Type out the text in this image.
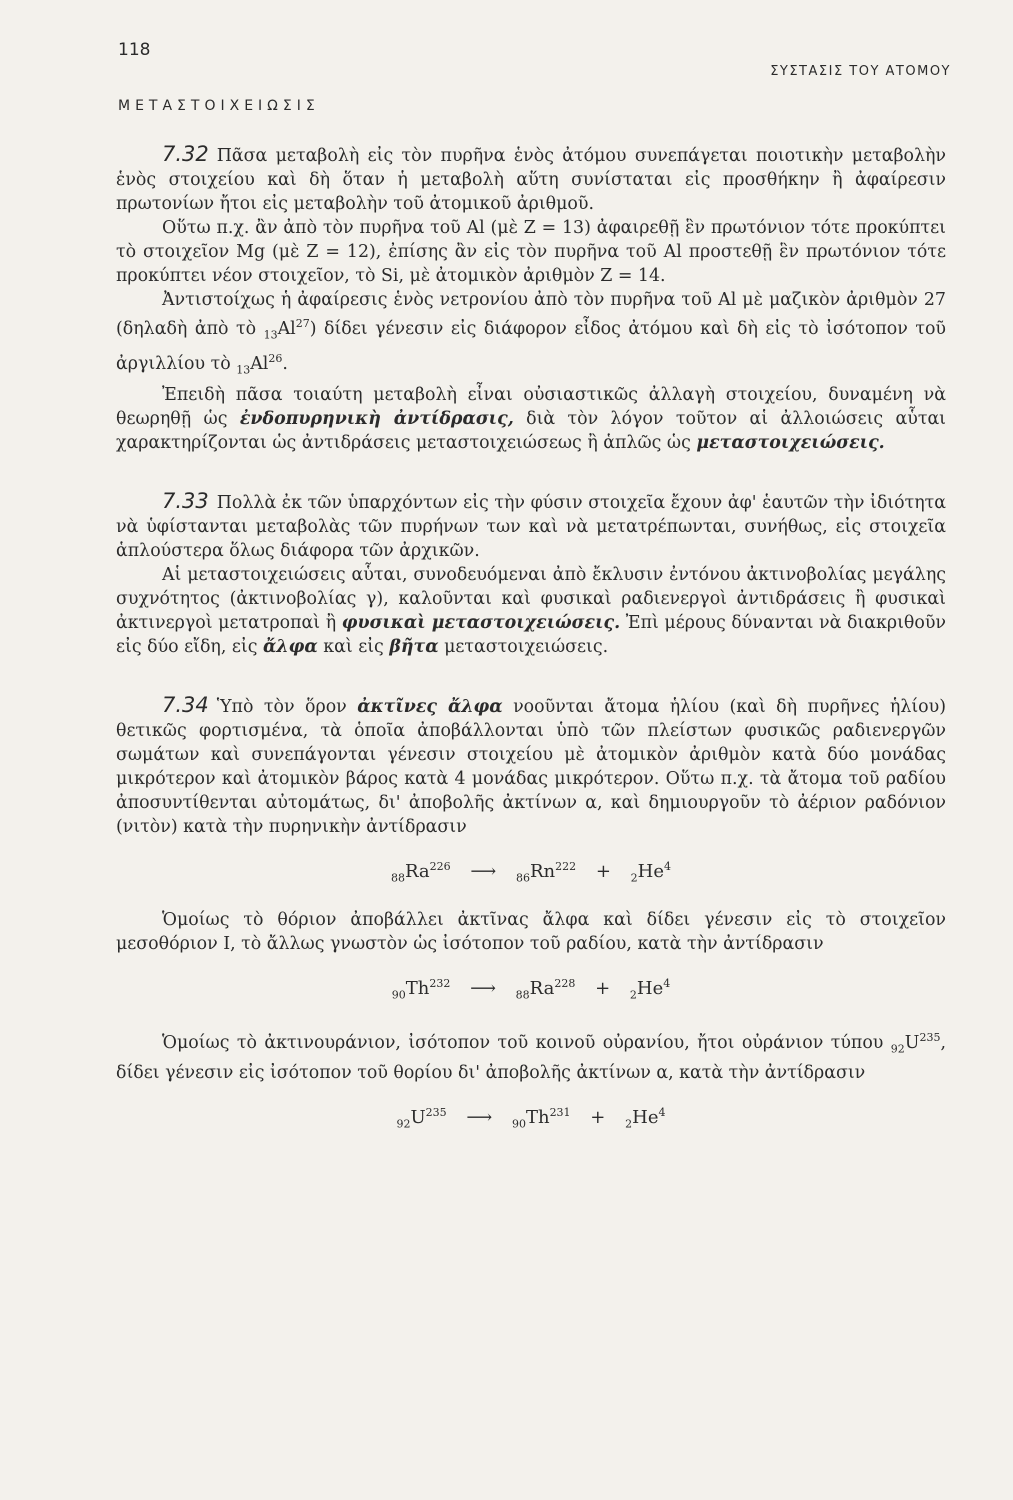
118
ΣΥΣΤΑΣΙΣ ΤΟΥ ΑΤΟΜΟΥ
ΜΕΤΑΣΤΟΙΧΕΙΩΣΙΣ

7.32 Πᾶσα μεταβολὴ εἰς τὸν πυρῆνα ἑνὸς ἀτόμου συνεπάγεται ποιοτικὴν μεταβολὴν ἑνὸς στοιχείου καὶ δὴ ὅταν ἡ μεταβολὴ αὕτη συνίσταται εἰς προσθήκην ἢ ἀφαίρεσιν πρωτονίων ἤτοι εἰς μεταβολὴν τοῦ ἀτομικοῦ ἀριθμοῦ.

Οὕτω π.χ. ἂν ἀπὸ τὸν πυρῆνα τοῦ Al (μὲ Z = 13) ἀφαιρεθῇ ἓν πρωτόνιον τότε προκύπτει τὸ στοιχεῖον Mg (μὲ Z = 12), ἐπίσης ἂν εἰς τὸν πυρῆνα τοῦ Al προστεθῇ ἓν πρωτόνιον τότε προκύπτει νέον στοιχεῖον, τὸ Si, μὲ ἀτομικὸν ἀριθμὸν Z = 14.

Ἀντιστοίχως ἡ ἀφαίρεσις ἑνὸς νετρονίου ἀπὸ τὸν πυρῆνα τοῦ Al μὲ μαζικὸν ἀριθμὸν 27 (δηλαδὴ ἀπὸ τὸ $_{13}Al^{27}$) δίδει γένεσιν εἰς διάφορον εἶδος ἀτόμου καὶ δὴ εἰς τὸ ἰσότοπον τοῦ ἀργιλλίου τὸ $_{13}Al^{26}$.

Ἐπειδὴ πᾶσα τοιαύτη μεταβολὴ εἶναι οὐσιαστικῶς ἀλλαγὴ στοιχείου, δυναμένη νὰ θεωρηθῇ ὡς ἐνδοπυρηνικὴ ἀντίδρασις, διὰ τὸν λόγον τοῦτον αἱ ἀλλοιώσεις αὗται χαρακτηρίζονται ὡς ἀντιδράσεις μεταστοιχειώσεως ἢ ἁπλῶς ὡς μεταστοιχειώσεις.

7.33 Πολλὰ ἐκ τῶν ὑπαρχόντων εἰς τὴν φύσιν στοιχεῖα ἔχουν ἀφ' ἑαυτῶν τὴν ἰδιότητα νὰ ὑφίστανται μεταβολὰς τῶν πυρήνων των καὶ νὰ μετατρέπωνται, συνήθως, εἰς στοιχεῖα ἁπλούστερα ὅλως διάφορα τῶν ἀρχικῶν.

Αἱ μεταστοιχειώσεις αὗται, συνοδευόμεναι ἀπὸ ἔκλυσιν ἐντόνου ἀκτινοβολίας μεγάλης συχνότητος (ἀκτινοβολίας γ), καλοῦνται καὶ φυσικαὶ ραδιενεργοὶ ἀντιδράσεις ἢ φυσικαὶ ἀκτινεργοὶ μετατροπαὶ ἢ φυσικαὶ μεταστοιχειώσεις. Ἐπὶ μέρους δύνανται νὰ διακριθοῦν εἰς δύο εἴδη, εἰς ἄλφα καὶ εἰς βῆτα μεταστοιχειώσεις.

7.34 Ὑπὸ τὸν ὅρον ἀκτῖνες ἄλφα νοοῦνται ἄτομα ἡλίου (καὶ δὴ πυρῆνες ἡλίου) θετικῶς φορτισμένα, τὰ ὁποῖα ἀποβάλλονται ὑπὸ τῶν πλείστων φυσικῶς ραδιενεργῶν σωμάτων καὶ συνεπάγονται γένεσιν στοιχείου μὲ ἀτομικὸν ἀριθμὸν κατὰ δύο μονάδας μικρότερον καὶ ἀτομικὸν βάρος κατὰ 4 μονάδας μικρότερον. Οὕτω π.χ. τὰ ἄτομα τοῦ ραδίου ἀποσυντίθενται αὐτομάτως, δι' ἀποβολῆς ἀκτίνων α, καὶ δημιουργοῦν τὸ ἀέριον ραδόνιον (νιτὸν) κατὰ τὴν πυρηνικὴν ἀντίδρασιν

$_{88}Ra^{226}$ ⟶ $_{86}Rn^{222} + _2He^4$

Ὁμοίως τὸ θόριον ἀποβάλλει ἀκτῖνας ἄλφα καὶ δίδει γένεσιν εἰς τὸ στοιχεῖον μεσοθόριον I, τὸ ἄλλως γνωστὸν ὡς ἰσότοπον τοῦ ραδίου, κατὰ τὴν ἀντίδρασιν

$_{90}Th^{232}$ ⟶ $_{88}Ra^{228} + _2He^4$

Ὁμοίως τὸ ἀκτινουράνιον, ἰσότοπον τοῦ κοινοῦ οὐρανίου, ἤτοι οὐράνιον τύπου $_{92}U^{235}$, δίδει γένεσιν εἰς ἰσότοπον τοῦ θορίου δι' ἀποβολῆς ἀκτίνων α, κατὰ τὴν ἀντίδρασιν

$_{92}U^{235}$ ⟶ $_{90}Th^{231} + _2He^4$
